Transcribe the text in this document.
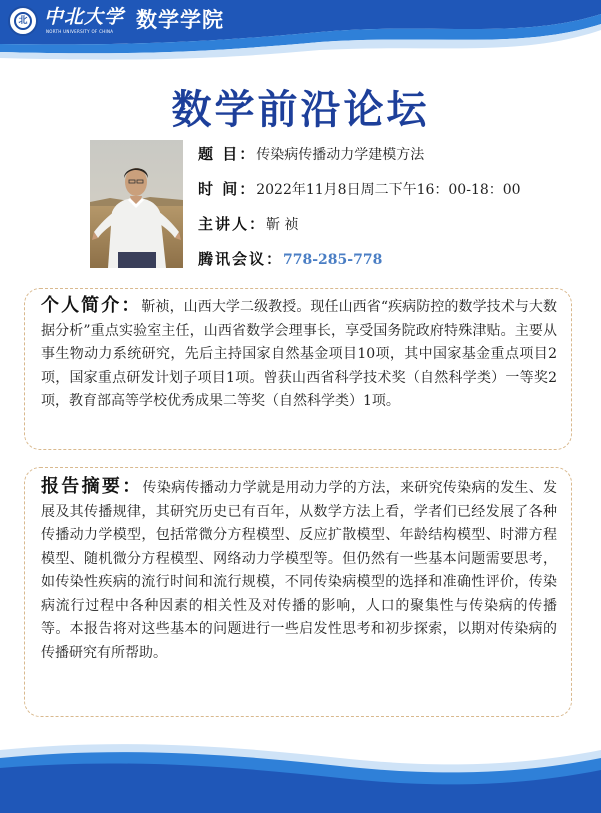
北 中北大学
NORTH UNIVERSITY OF CHINA 数学学院
数学前沿论坛
题 目：传染病传播动力学建模方法
时 间：2022年11月8日周二下午16：00-18：00
主讲人：靳 祯
腾讯会议：778-285-778
个人简介：靳祯，山西大学二级教授。现任山西省“疾病防控的数学技术与大数据分析”重点实验室主任，山西省数学会理事长，享受国务院政府特殊津贴。主要从事生物动力系统研究，先后主持国家自然基金项目10项，其中国家基金重点项目2项，国家重点研发计划子项目1项。曾获山西省科学技术奖（自然科学类）一等奖2项，教育部高等学校优秀成果二等奖（自然科学类）1项。
报告摘要：传染病传播动力学就是用动力学的方法，来研究传染病的发生、发展及其传播规律，其研究历史已有百年，从数学方法上看，学者们已经发展了各种传播动力学模型，包括常微分方程模型、反应扩散模型、年龄结构模型、时滞方程模型、随机微分方程模型、网络动力学模型等。但仍然有一些基本问题需要思考，如传染性疾病的流行时间和流行规模，不同传染病模型的选择和准确性评价，传染病流行过程中各种因素的相关性及对传播的影响，人口的聚集性与传染病的传播等。本报告将对这些基本的问题进行一些启发性思考和初步探索，以期对传染病的传播研究有所帮助。
